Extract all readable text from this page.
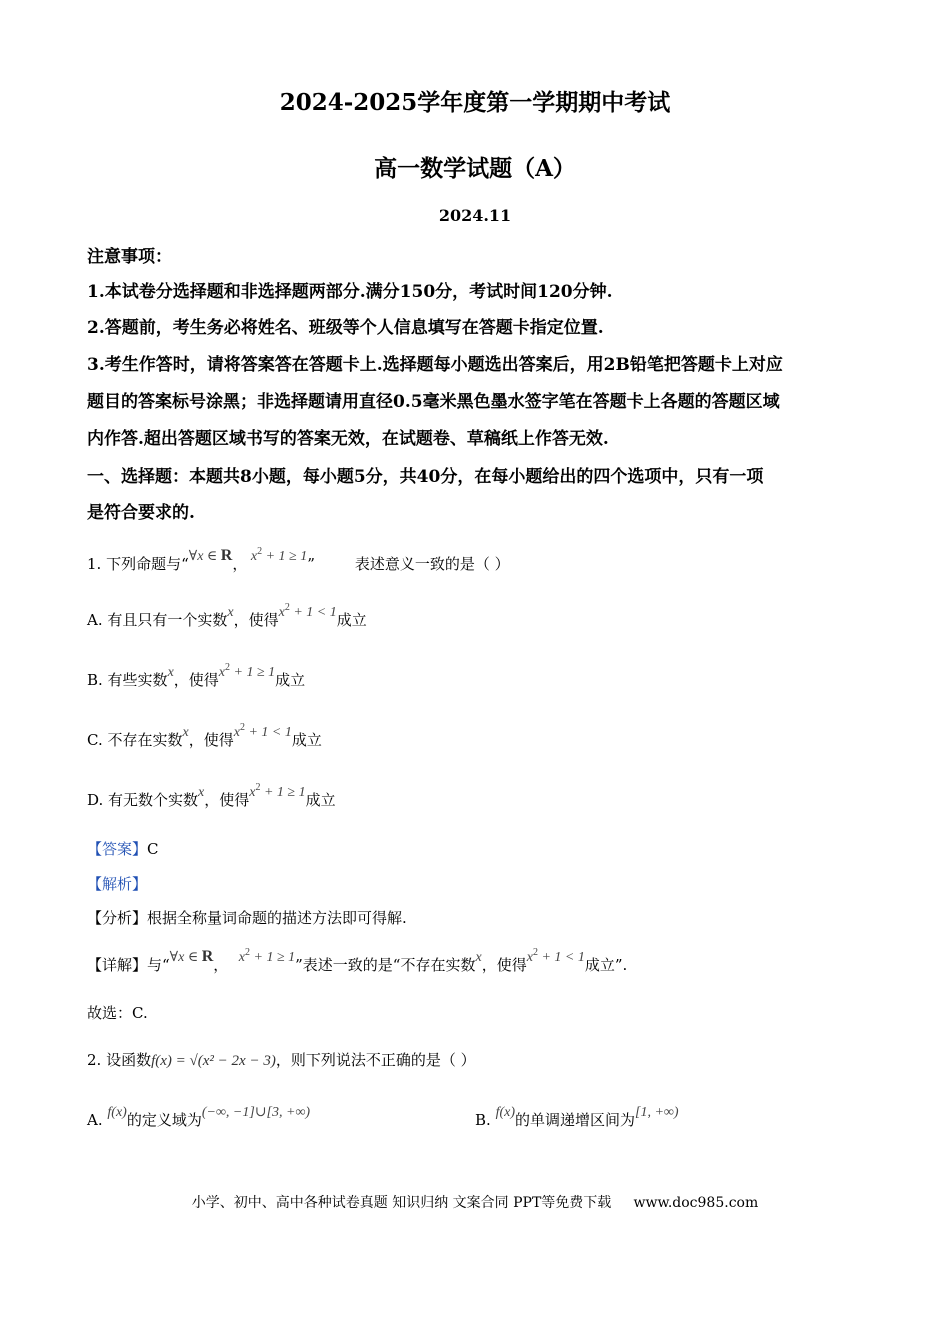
2024-2025学年度第一学期期中考试
高一数学试题（A）
2024.11
注意事项：
1.本试卷分选择题和非选择题两部分.满分150分，考试时间120分钟.
2.答题前，考生务必将姓名、班级等个人信息填写在答题卡指定位置.
3.考生作答时，请将答案答在答题卡上.选择题每小题选出答案后，用2B铅笔把答题卡上对应
题目的答案标号涂黑；非选择题请用直径0.5毫米黑色墨水签字笔在答题卡上各题的答题区域
内作答.超出答题区域书写的答案无效，在试题卷、草稿纸上作答无效.
一、选择题：本题共8小题，每小题5分，共40分，在每小题给出的四个选项中，只有一项
是符合要求的.
1. 下列命题与“∀x ∈ R， $x^2 + 1 \ge 1$”	表述意义一致的是（ ）
A. 有且只有一个实数x，使得$x^2 + 1 < 1$成立
B. 有些实数x，使得$x^2 + 1 \ge 1$成立
C. 不存在实数x，使得$x^2 + 1 < 1$成立
D. 有无数个实数x，使得$x^2 + 1 \ge 1$成立
【答案】C
【解析】
【分析】根据全称量词命题的描述方法即可得解.
【详解】与“∀x ∈ R， $x^2 + 1 \ge 1$”表述一致的是“不存在实数x，使得$x^2 + 1 < 1$成立”.
故选：C.
2. 设函数f(x) = √(x² − 2x − 3)，则下列说法不正确的是（ ）
A. f(x)的定义域为(−∞, −1]∪[3, +∞)	B. f(x)的单调递增区间为[1, +∞)
小学、初中、高中各种试卷真题 知识归纳 文案合同 PPT等免费下载 www.doc985.com
